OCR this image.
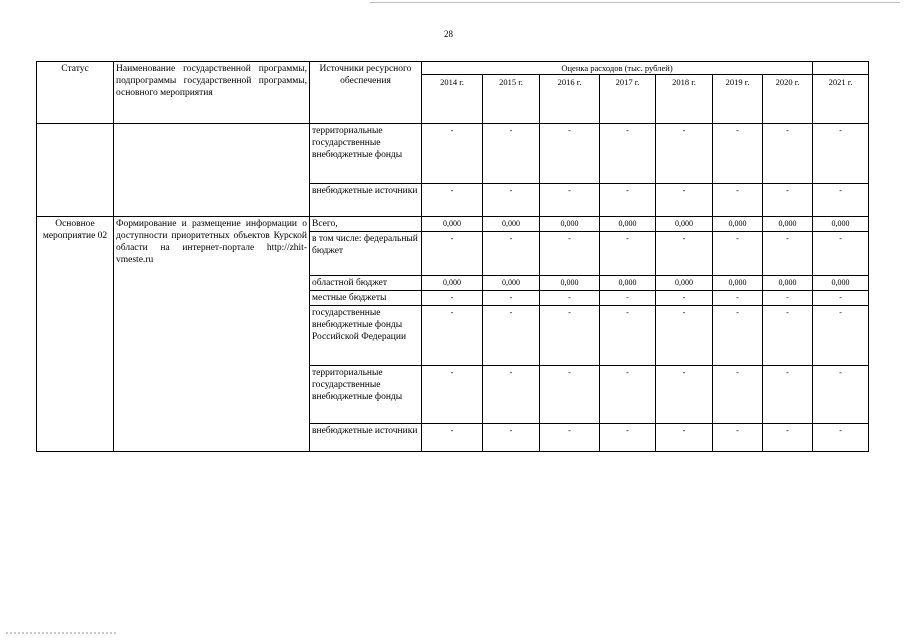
28
Статус	Наименование государственной программы, подпрограммы государственной программы, основного мероприятия	Источники ресурсного обеспечения	Оценка расходов (тыс. рублей)							
			2014 г.	2015 г.	2016 г.	2017 г.	2018 г.	2019 г.	2020 г.	2021 г.
		территориальные государственные внебюджетные фонды	-	-	-	-	-	-	-	-
		внебюджетные источники	-	-	-	-	-	-	-	-
Основное мероприятие 02	Формирование и размещение информации о доступности приоритетных объектов Курской области на интернет-портале http://zhit-vmeste.ru	Всего,	0,000	0,000	0,000	0,000	0,000	0,000	0,000	0,000
		в том числе: федеральный бюджет	-	-	-	-	-	-	-	-
		областной бюджет	0,000	0,000	0,000	0,000	0,000	0,000	0,000	0,000
		местные бюджеты	-	-	-	-	-	-	-	-
		государственные внебюджетные фонды Российской Федерации	-	-	-	-	-	-	-	-
		территориальные государственные внебюджетные фонды	-	-	-	-	-	-	-	-
		внебюджетные источники	-	-	-	-	-	-	-	-
